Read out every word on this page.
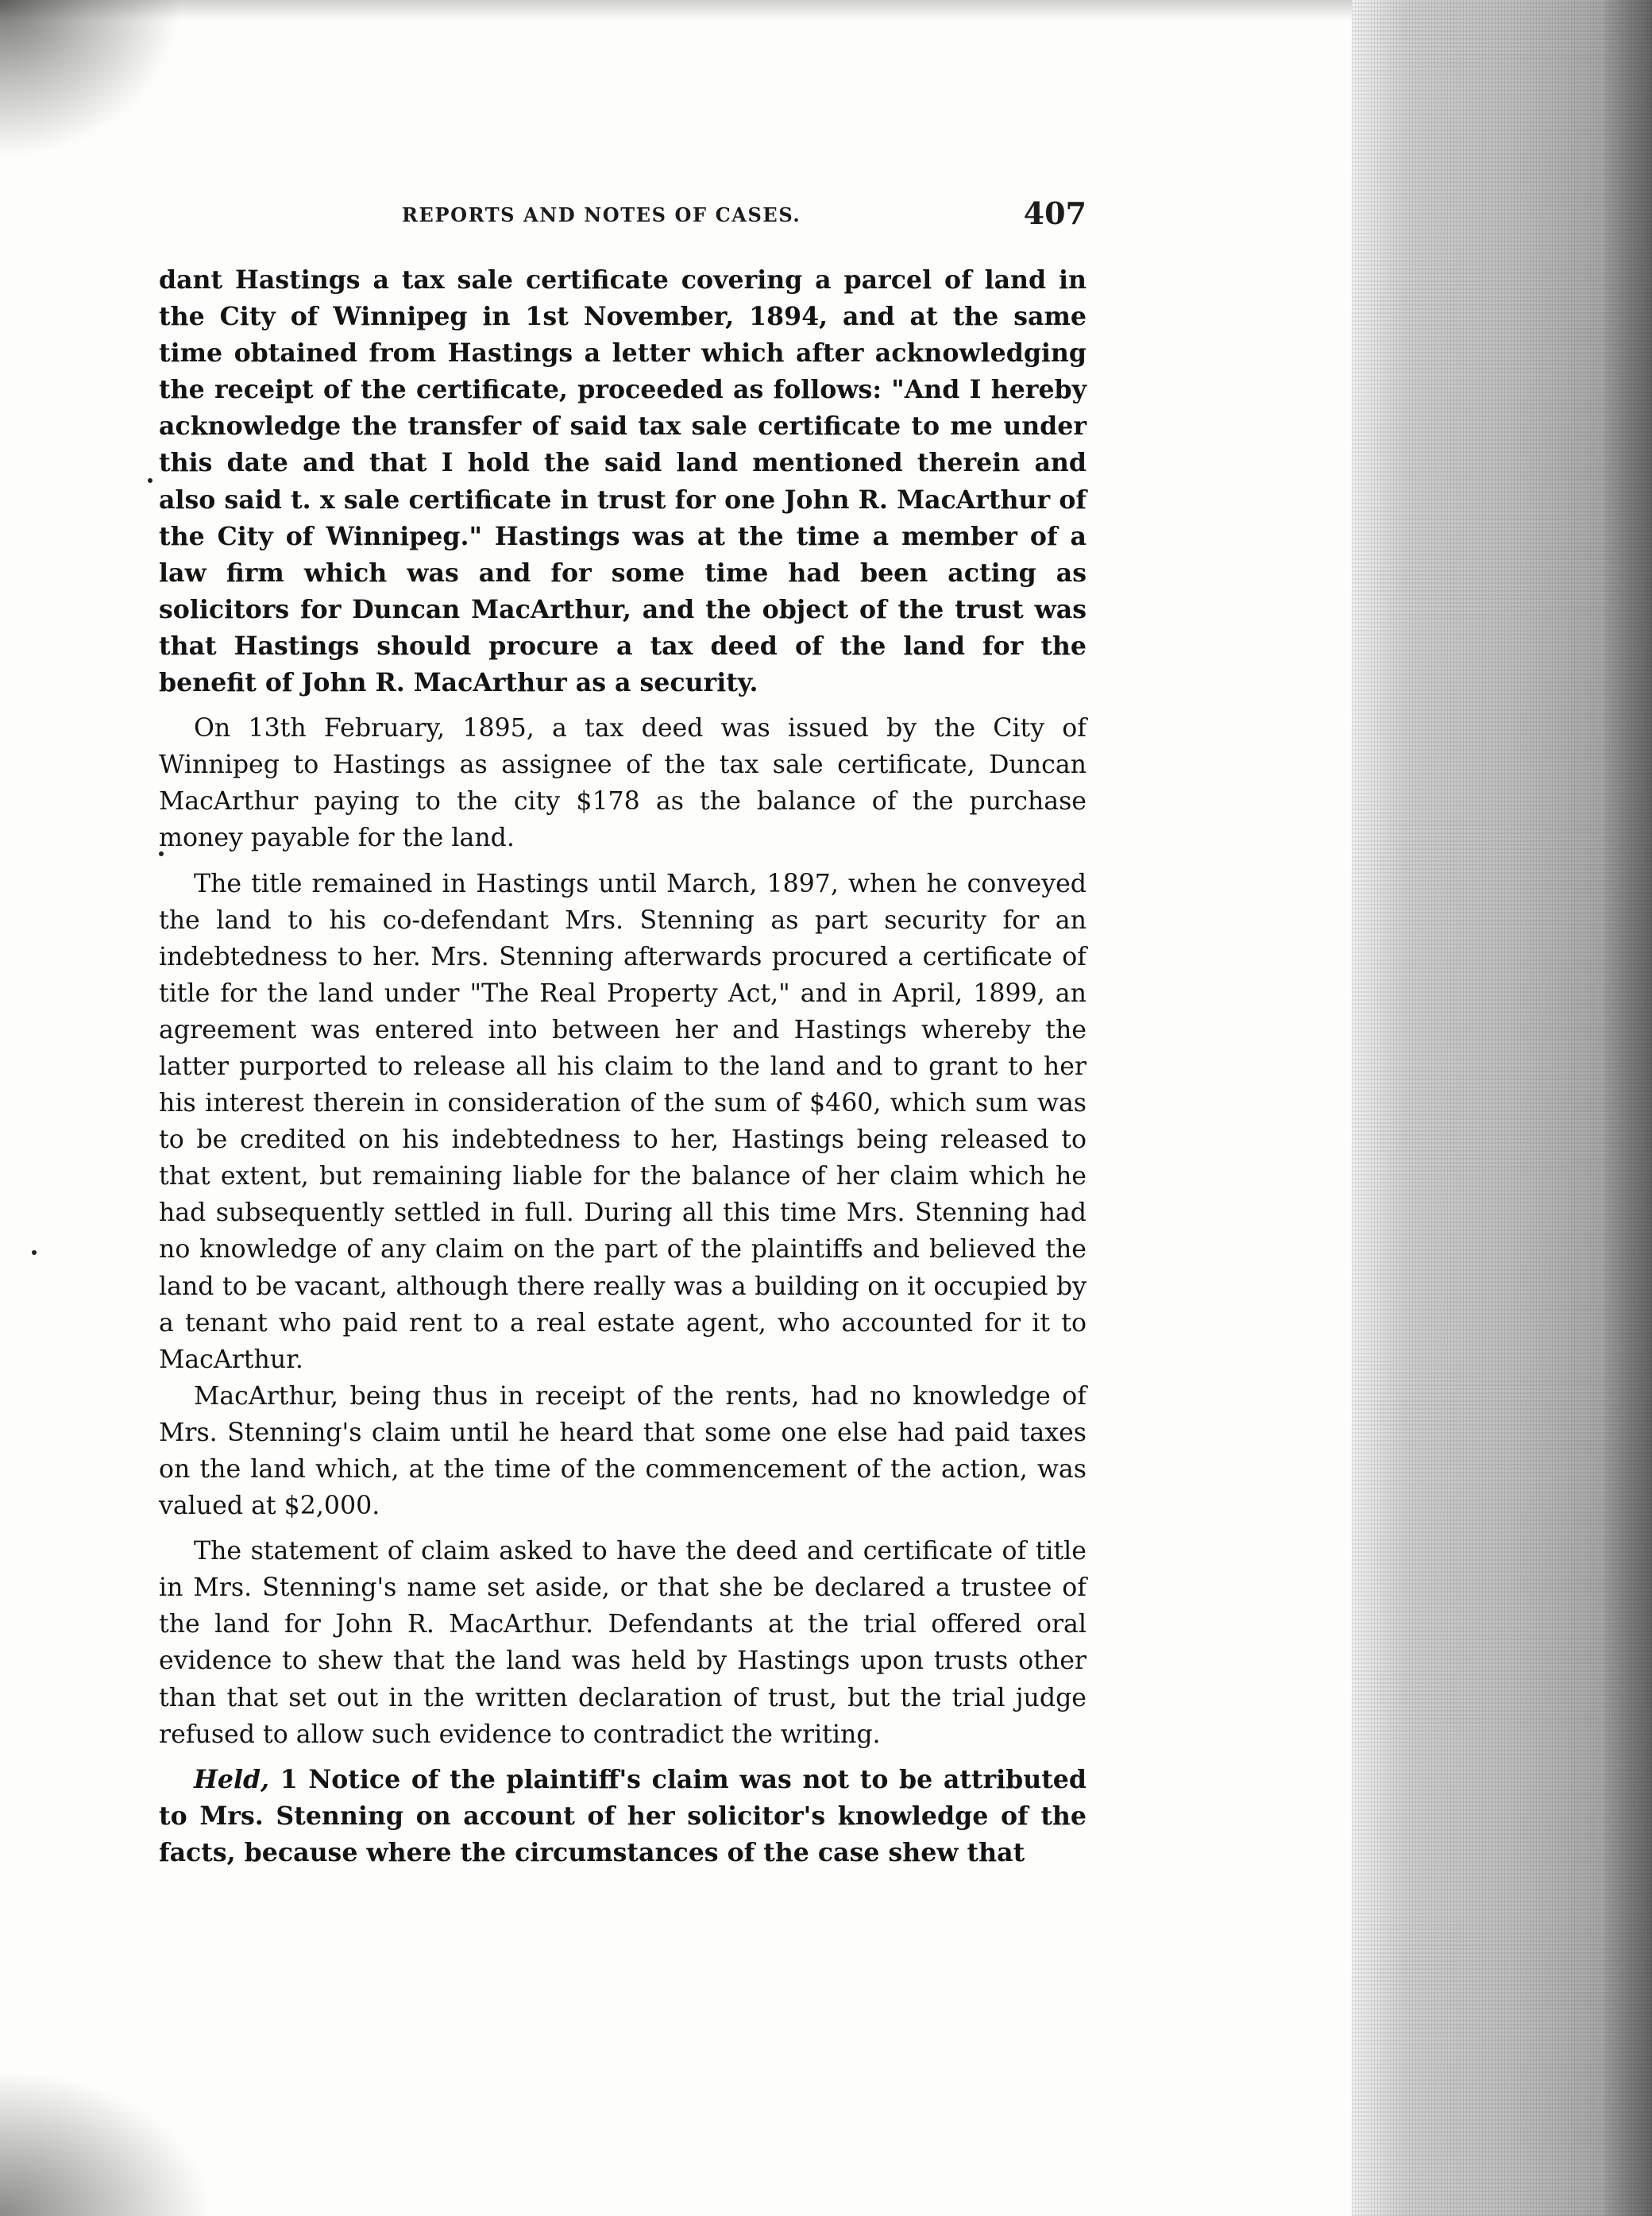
REPORTS AND NOTES OF CASES.	407

dant Hastings a tax sale certificate covering a parcel of land in the City of Winnipeg in 1st November, 1894, and at the same time obtained from Hastings a letter which after acknowledging the receipt of the certificate, proceeded as follows: "And I hereby acknowledge the transfer of said tax sale certificate to me under this date and that I hold the said land mentioned therein and also said t. x sale certificate in trust for one John R. MacArthur of the City of Winnipeg." Hastings was at the time a member of a law firm which was and for some time had been acting as solicitors for Duncan MacArthur, and the object of the trust was that Hastings should procure a tax deed of the land for the benefit of John R. MacArthur as a security.

On 13th February, 1895, a tax deed was issued by the City of Winnipeg to Hastings as assignee of the tax sale certificate, Duncan MacArthur paying to the city $178 as the balance of the purchase money payable for the land.

The title remained in Hastings until March, 1897, when he conveyed the land to his co-defendant Mrs. Stenning as part security for an indebtedness to her. Mrs. Stenning afterwards procured a certificate of title for the land under "The Real Property Act," and in April, 1899, an agreement was entered into between her and Hastings whereby the latter purported to release all his claim to the land and to grant to her his interest therein in consideration of the sum of $460, which sum was to be credited on his indebtedness to her, Hastings being released to that extent, but remaining liable for the balance of her claim which he had subsequently settled in full. During all this time Mrs. Stenning had no knowledge of any claim on the part of the plaintiffs and believed the land to be vacant, although there really was a building on it occupied by a tenant who paid rent to a real estate agent, who accounted for it to MacArthur.

MacArthur, being thus in receipt of the rents, had no knowledge of Mrs. Stenning's claim until he heard that some one else had paid taxes on the land which, at the time of the commencement of the action, was valued at $2,000.

The statement of claim asked to have the deed and certificate of title in Mrs. Stenning's name set aside, or that she be declared a trustee of the land for John R. MacArthur. Defendants at the trial offered oral evidence to shew that the land was held by Hastings upon trusts other than that set out in the written declaration of trust, but the trial judge refused to allow such evidence to contradict the writing.

Held, 1 Notice of the plaintiff's claim was not to be attributed to Mrs. Stenning on account of her solicitor's knowledge of the facts, because where the circumstances of the case shew that
